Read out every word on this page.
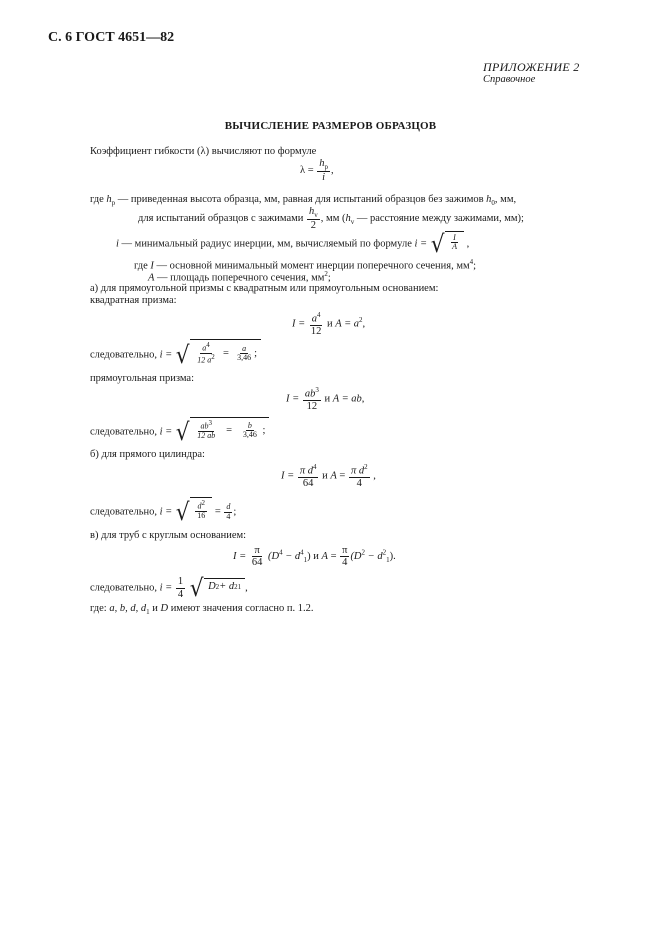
С. 6 ГОСТ 4651—82
ПРИЛОЖЕНИЕ 2
Справочное
ВЫЧИСЛЕНИЕ РАЗМЕРОВ ОБРАЗЦОВ
Коэффициент гибкости (λ) вычисляют по формуле
$\lambda = \frac{h_p}{i}$ ,
где $h_p$ — приведенная высота образца, мм, равная для испытаний образцов без зажимов $h_0$, мм,
для испытаний образцов с зажимами $\frac{h_v}{2}$ , мм ($h_v$ — расстояние между зажимами, мм);
i — минимальный радиус инерции, мм, вычисляемый по формуле i = √ $\frac{I}{A}$ ,
где I — основной минимальный момент инерции поперечного сечения, $мм^4$;
A — площадь поперечного сечения, $мм^2$;
а) для прямоугольной призмы с квадратным или прямоугольным основанием:
квадратная призма:
$I = \frac{a^4}{12}$ и $A = a^2$,
следовательно, i = √ $\frac{a^4}{12 a^2}$
=
$\frac{a}{3,46}$ ;
прямоугольная призма:
$I = \frac{ab^3}{12}$ и A = ab,
следовательно, i = √ $\frac{ab^3}{12 ab}$
=
$\frac{b}{3,46}$
;
б) для прямого цилиндра:
$I = \frac{\pi d^4}{64}$ и $A = \frac{\pi d^2}{4}$ ,
следовательно, i = √ $\frac{d^2}{16} = \frac{d}{4}$ ;
в) для труб с круглым основанием:
$I = \frac{\pi}{64} (D^4 - d^4_1)$ и $A = \frac{\pi}{4} (D^2 - d^2_1)$.
следовательно, $i = \frac{1}{4}$
√ D 2 + d 2 1 ,
где: a, b, d, $d_1$ и D имеют значения согласно п. 1.2.
